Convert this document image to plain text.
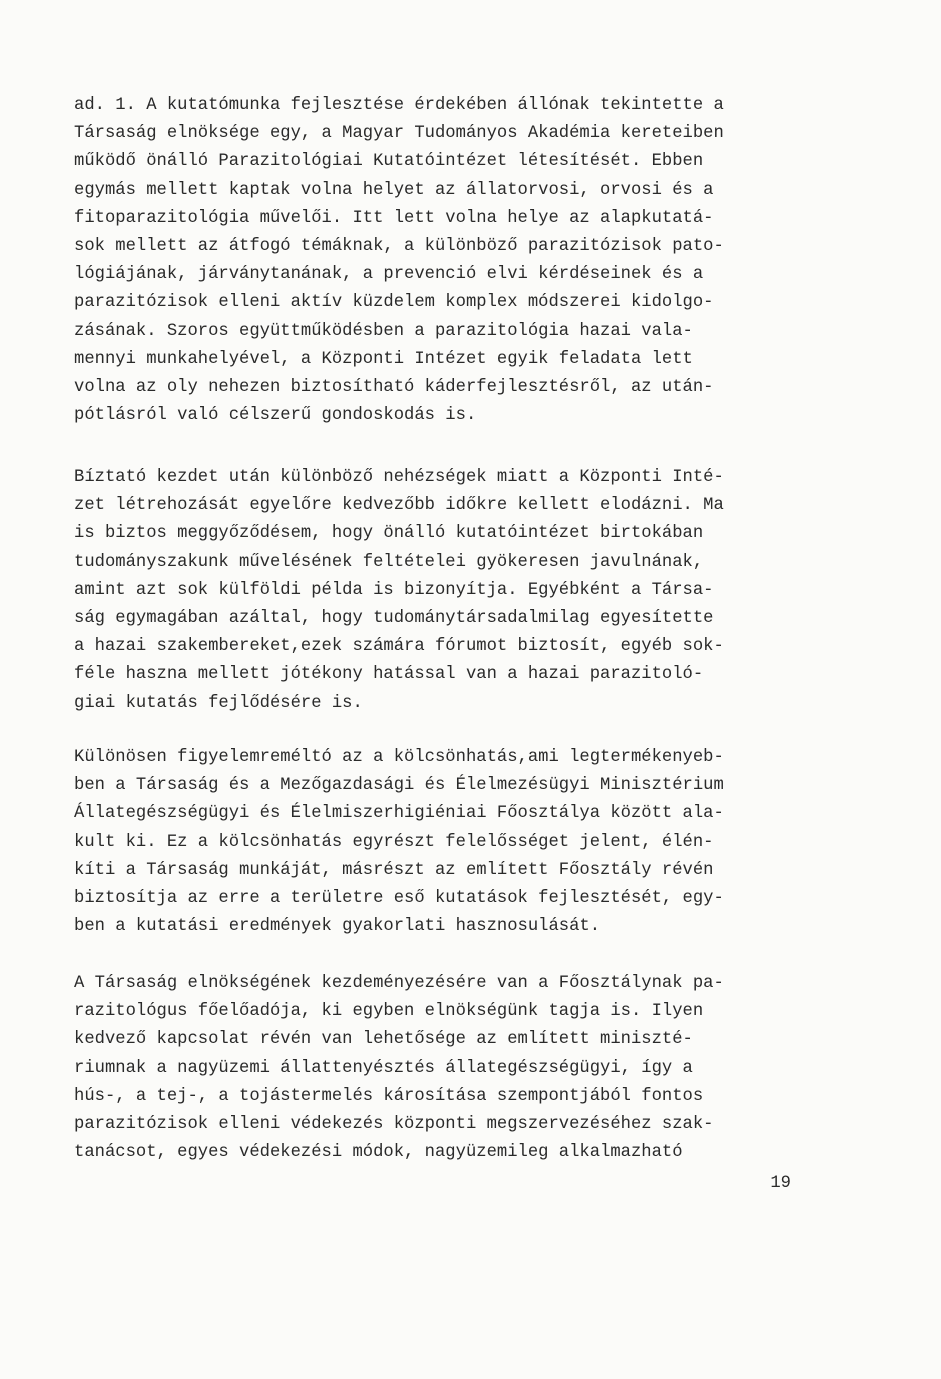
ad. 1. A kutatómunka fejlesztése érdekében állónak tekintette a
Társaság elnöksége egy, a Magyar Tudományos Akadémia kereteiben
működő önálló Parazitológiai Kutatóintézet létesítését. Ebben
egymás mellett kaptak volna helyet az állatorvosi, orvosi és a
fitoparazitológia művelői. Itt lett volna helye az alapkutatá-
sok mellett az átfogó témáknak, a különböző parazitózisok pato-
lógiájának, járványtanának, a prevenció elvi kérdéseinek és a
parazitózisok elleni aktív küzdelem komplex módszerei kidolgo-
zásának. Szoros együttműködésben a parazitológia hazai vala-
mennyi munkahelyével, a Központi Intézet egyik feladata lett
volna az oly nehezen biztosítható káderfejlesztésről, az után-
pótlásról való célszerű gondoskodás is.
Bíztató kezdet után különböző nehézségek miatt a Központi Inté-
zet létrehozását egyelőre kedvezőbb időkre kellett elodázni. Ma
is biztos meggyőződésem, hogy önálló kutatóintézet birtokában
tudományszakunk művelésének feltételei gyökeresen javulnának,
amint azt sok külföldi példa is bizonyítja. Egyébként a Társa-
ság egymagában azáltal, hogy tudománytársadalmilag egyesítette
a hazai szakembereket,ezek számára fórumot biztosít, egyéb sok-
féle haszna mellett jótékony hatással van a hazai parazitoló-
giai kutatás fejlődésére is.
Különösen figyelemreméltó az a kölcsönhatás,ami legtermékenyeb-
ben a Társaság és a Mezőgazdasági és Élelmezésügyi Minisztérium
Állategészségügyi és Élelmiszerhigiéniai Főosztálya között ala-
kult ki. Ez a kölcsönhatás egyrészt felelősséget jelent, élén-
kíti a Társaság munkáját, másrészt az említett Főosztály révén
biztosítja az erre a területre eső kutatások fejlesztését, egy-
ben a kutatási eredmények gyakorlati hasznosulását.
A Társaság elnökségének kezdeményezésére van a Főosztálynak pa-
razitológus főelőadója, ki egyben elnökségünk tagja is. Ilyen
kedvező kapcsolat révén van lehetősége az említett miniszté-
riumnak a nagyüzemi állattenyésztés állategészségügyi, így a
hús-, a tej-, a tojástermelés károsítása szempontjából fontos
parazitózisok elleni védekezés központi megszervezéséhez szak-
tanácsot, egyes védekezési módok, nagyüzemileg alkalmazható
19
